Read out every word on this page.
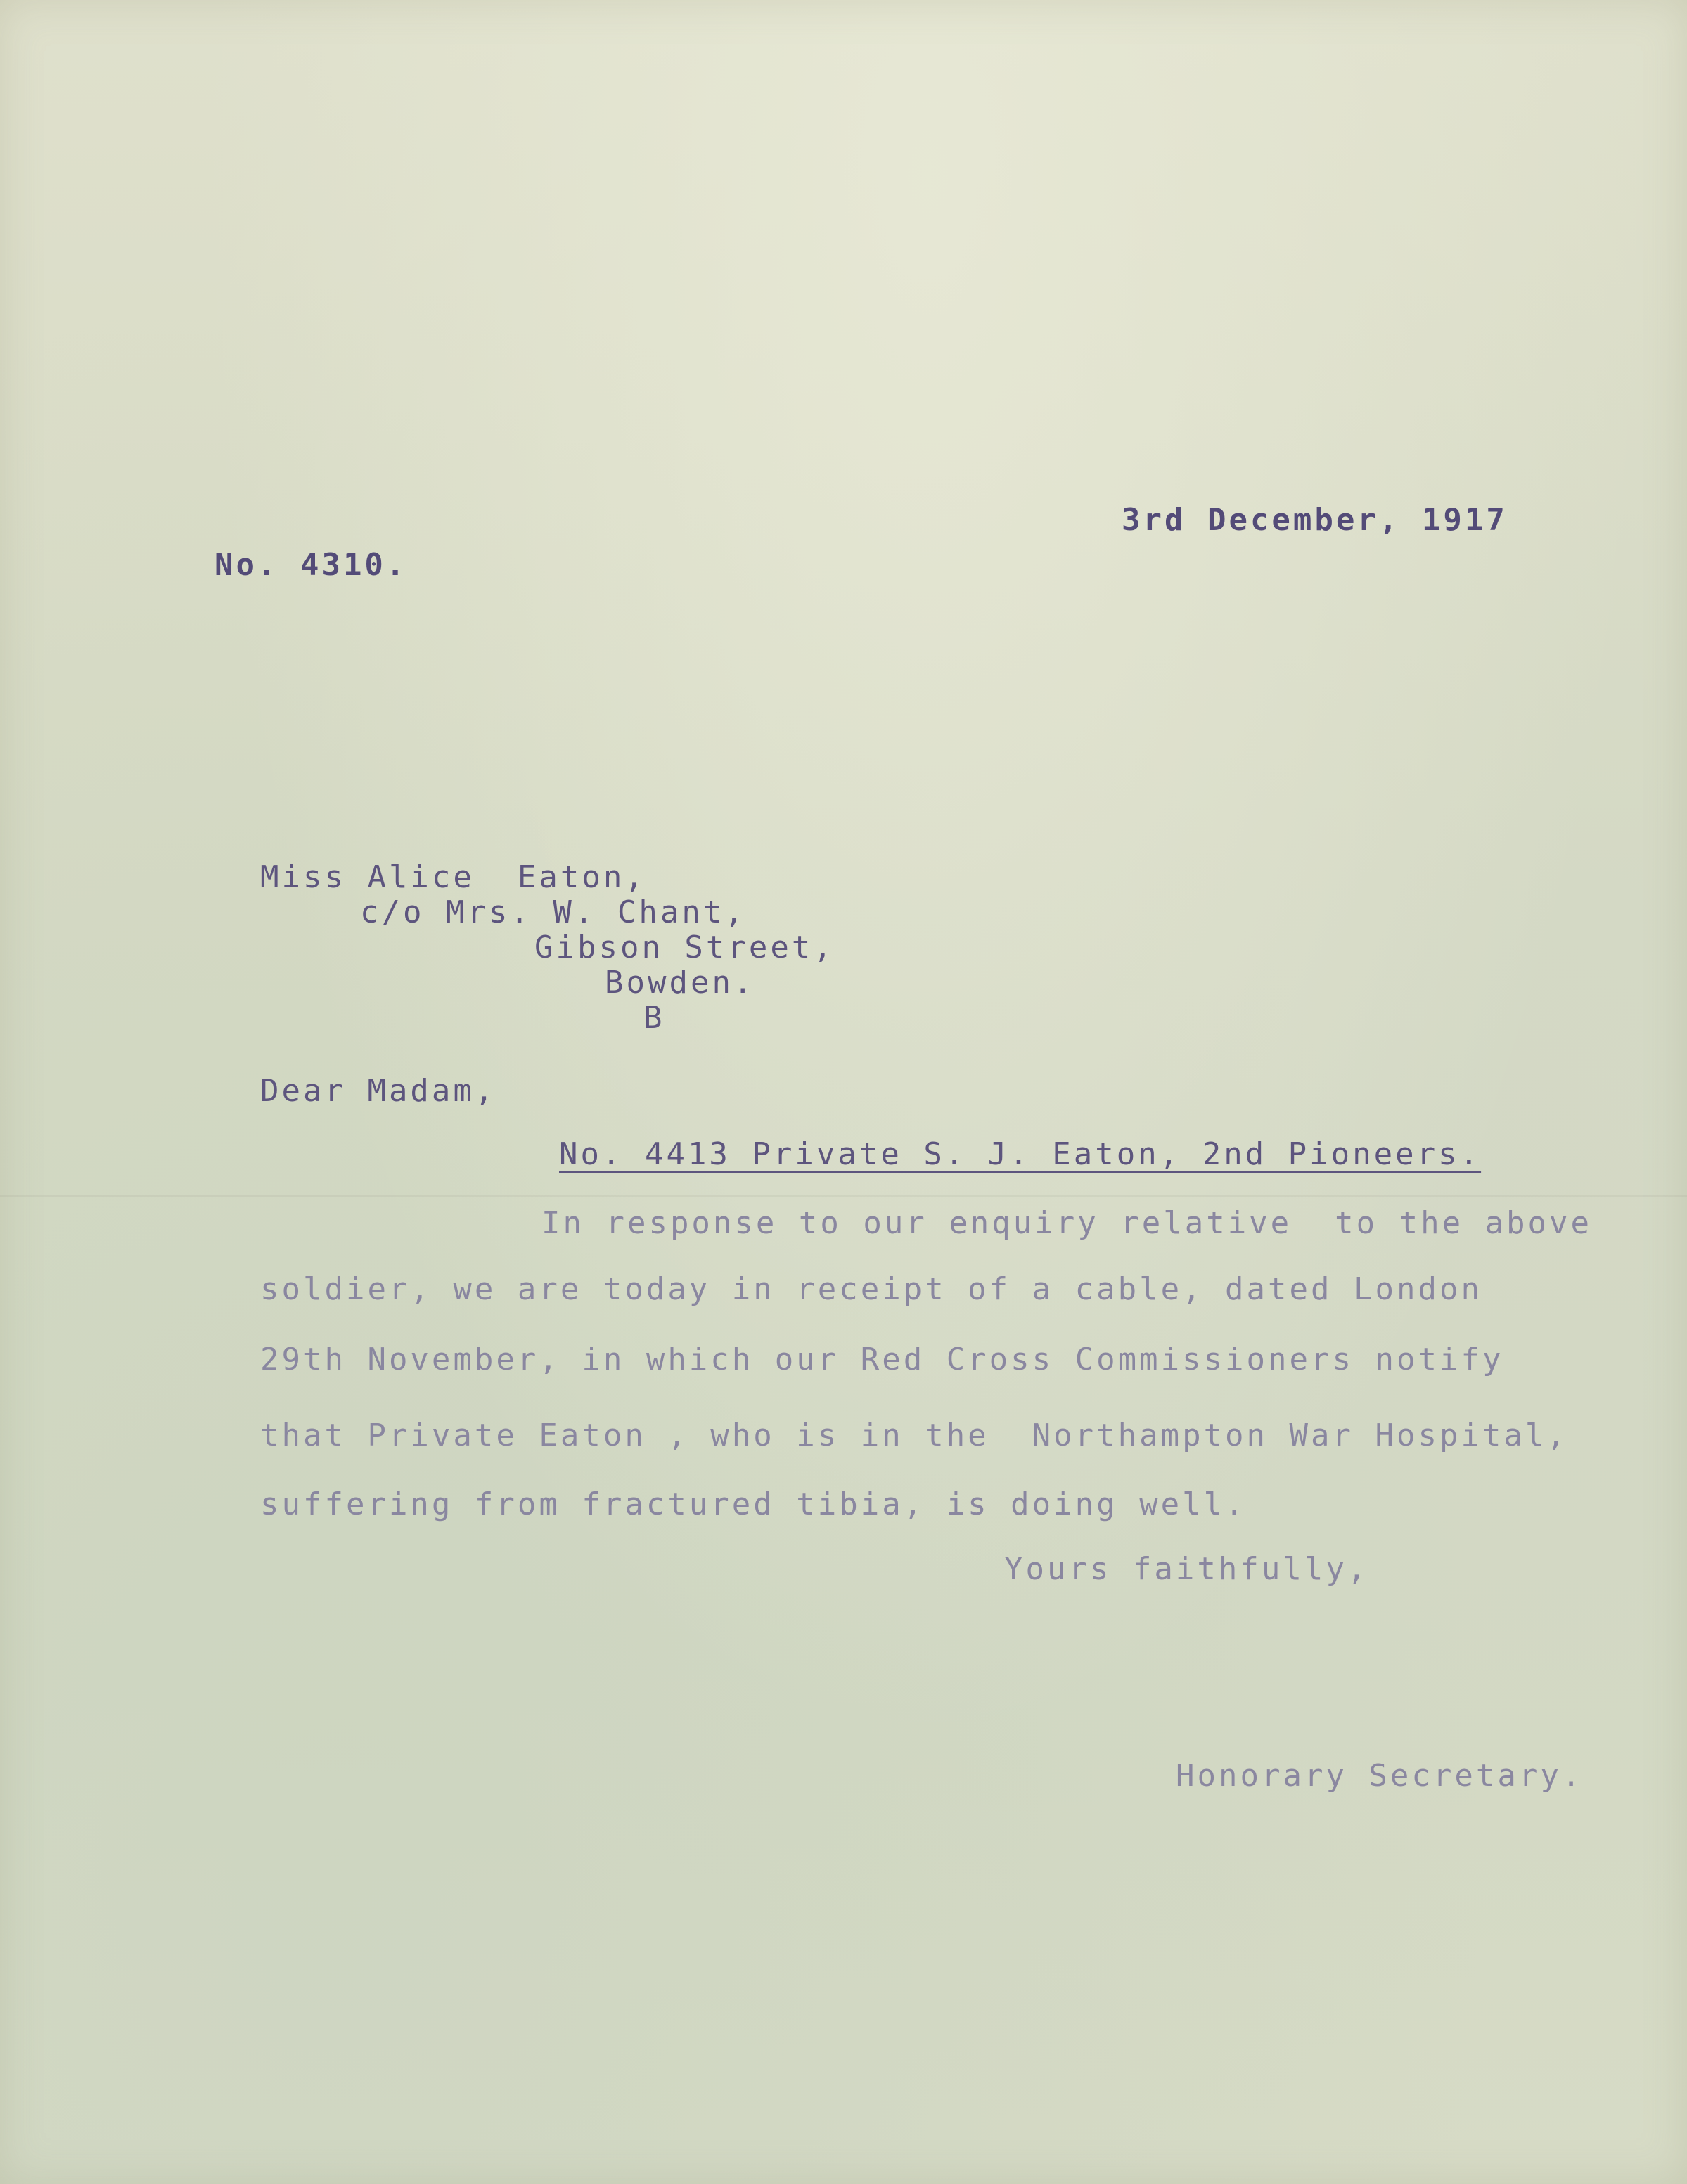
3rd December, 1917
No. 4310.
Miss Alice  Eaton,
c/o Mrs. W. Chant,
Gibson Street,
Bowden.
B
Dear Madam,
No. 4413 Private S. J. Eaton, 2nd Pioneers.
In response to our enquiry relative  to the above
soldier, we are today in receipt of a cable, dated London
29th November, in which our Red Cross Commissioners notify
that Private Eaton , who is in the  Northampton War Hospital,
suffering from fractured tibia, is doing well.
Yours faithfully,
Honorary Secretary.
